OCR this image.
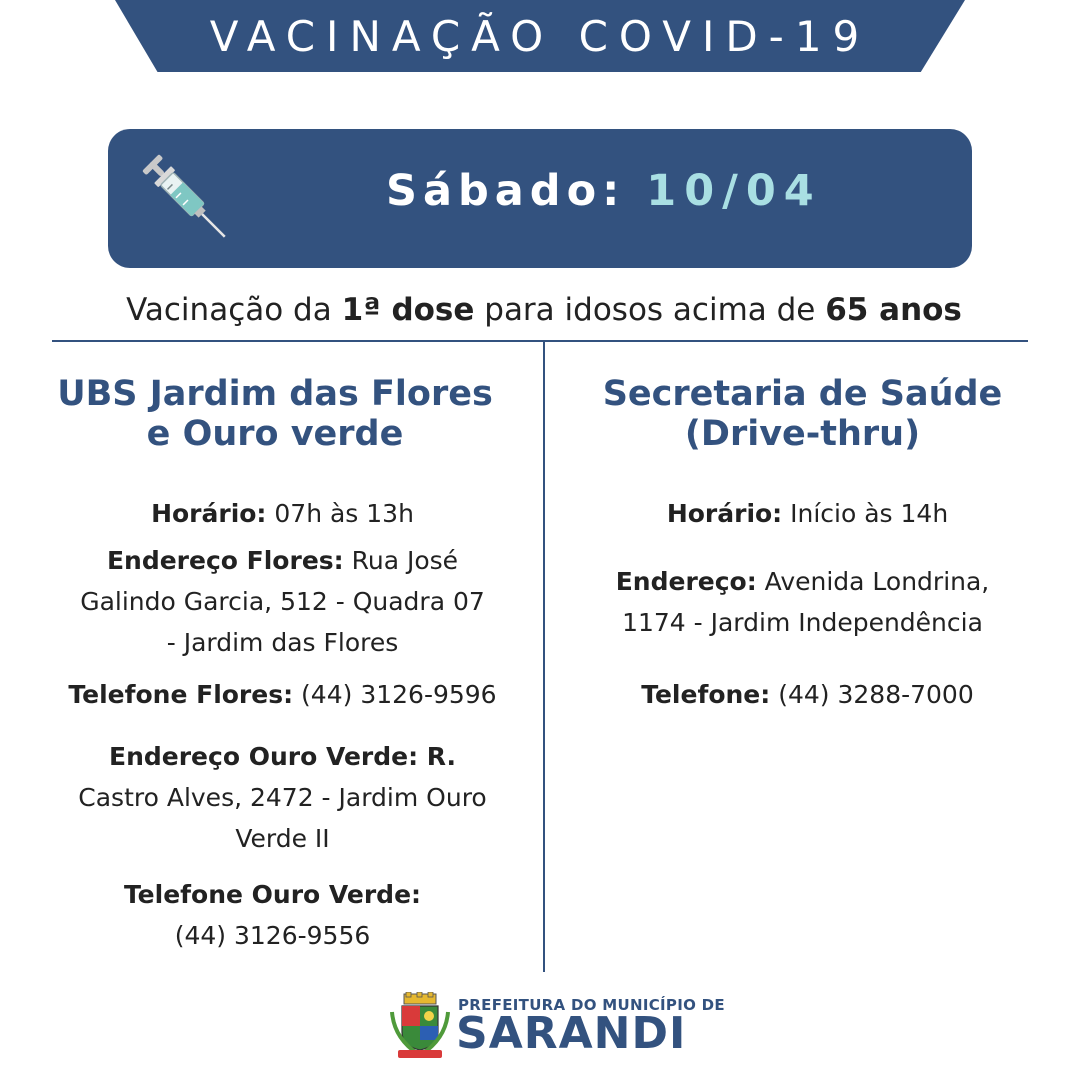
VACINAÇÃO COVID-19
Sábado: 10/04
Vacinação da 1ª dose para idosos acima de 65 anos
UBS Jardim das Flores
e Ouro verde
Horário: 07h às 13h
Endereço Flores: Rua José
Galindo Garcia, 512 - Quadra 07
- Jardim das Flores
Telefone Flores: (44) 3126-9596
Endereço Ouro Verde: R.
Castro Alves, 2472 - Jardim Ouro
Verde II
Telefone Ouro Verde:
(44) 3126-9556
Secretaria de Saúde
(Drive-thru)
Horário: Início às 14h
Endereço: Avenida Londrina,
1174 - Jardim Independência
Telefone: (44) 3288-7000
PREFEITURA DO MUNICÍPIO DE
SARANDI
